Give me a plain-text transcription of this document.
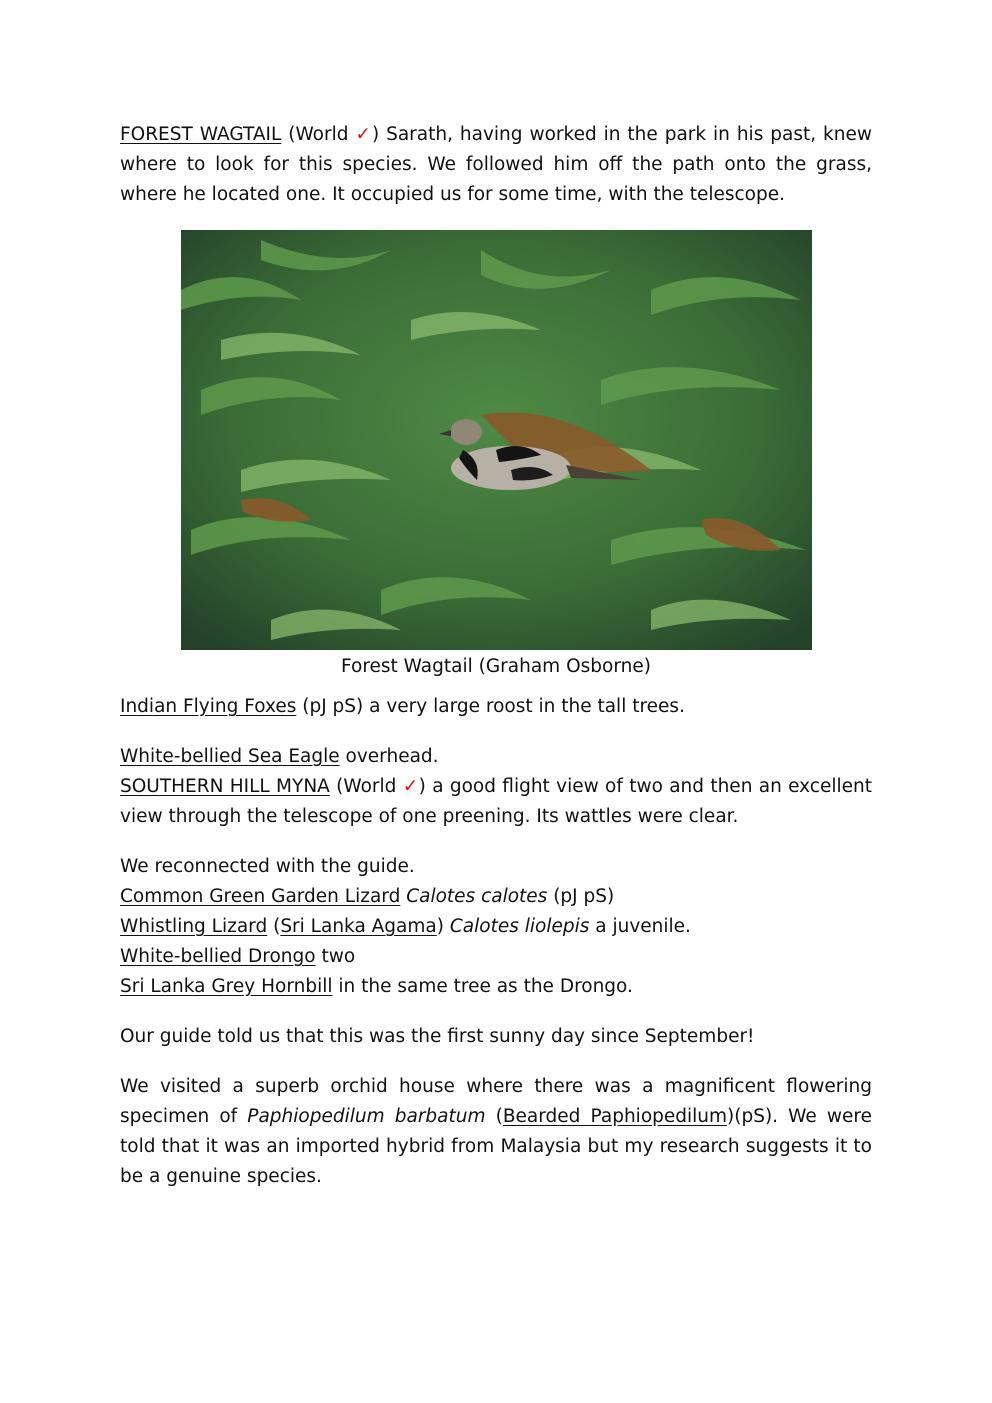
FOREST WAGTAIL (World ✓) Sarath, having worked in the park in his past, knew where to look for this species. We followed him off the path onto the grass, where he located one. It occupied us for some time, with the telescope.
Forest Wagtail (Graham Osborne)
Indian Flying Foxes (pJ pS) a very large roost in the tall trees.
White-bellied Sea Eagle overhead.
SOUTHERN HILL MYNA (World ✓) a good flight view of two and then an excellent view through the telescope of one preening. Its wattles were clear.
We reconnected with the guide.
Common Green Garden Lizard Calotes calotes (pJ pS)
Whistling Lizard (Sri Lanka Agama) Calotes liolepis a juvenile.
White-bellied Drongo two
Sri Lanka Grey Hornbill in the same tree as the Drongo.
Our guide told us that this was the first sunny day since September!
We visited a superb orchid house where there was a magnificent flowering specimen of Paphiopedilum barbatum (Bearded Paphiopedilum)(pS). We were told that it was an imported hybrid from Malaysia but my research suggests it to be a genuine species.
